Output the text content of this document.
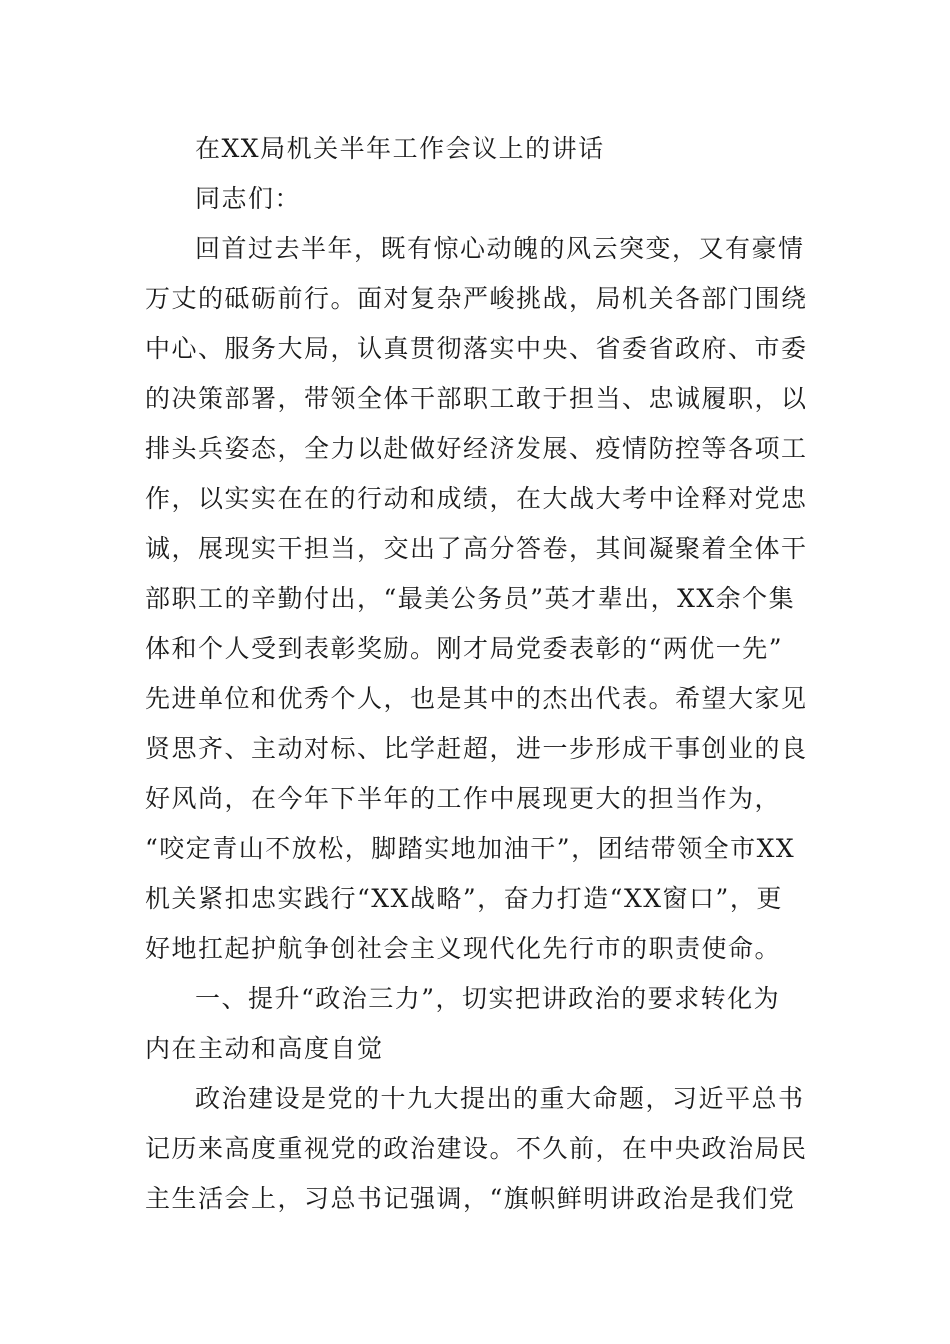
在XX局机关半年工作会议上的讲话
同志们：
回首过去半年，既有惊心动魄的风云突变，又有豪情
万丈的砥砺前行。面对复杂严峻挑战，局机关各部门围绕
中心、服务大局，认真贯彻落实中央、省委省政府、市委
的决策部署，带领全体干部职工敢于担当、忠诚履职，以
排头兵姿态，全力以赴做好经济发展、疫情防控等各项工
作，以实实在在的行动和成绩，在大战大考中诠释对党忠
诚，展现实干担当，交出了高分答卷，其间凝聚着全体干
部职工的辛勤付出，“最美公务员”英才辈出，XX余个集
体和个人受到表彰奖励。刚才局党委表彰的“两优一先”
先进单位和优秀个人，也是其中的杰出代表。希望大家见
贤思齐、主动对标、比学赶超，进一步形成干事创业的良
好风尚，在今年下半年的工作中展现更大的担当作为，
“咬定青山不放松，脚踏实地加油干”，团结带领全市XX
机关紧扣忠实践行“XX战略”，奋力打造“XX窗口”，更
好地扛起护航争创社会主义现代化先行市的职责使命。
一、提升“政治三力”，切实把讲政治的要求转化为
内在主动和高度自觉
政治建设是党的十九大提出的重大命题，习近平总书
记历来高度重视党的政治建设。不久前，在中央政治局民
主生活会上，习总书记强调，“旗帜鲜明讲政治是我们党
